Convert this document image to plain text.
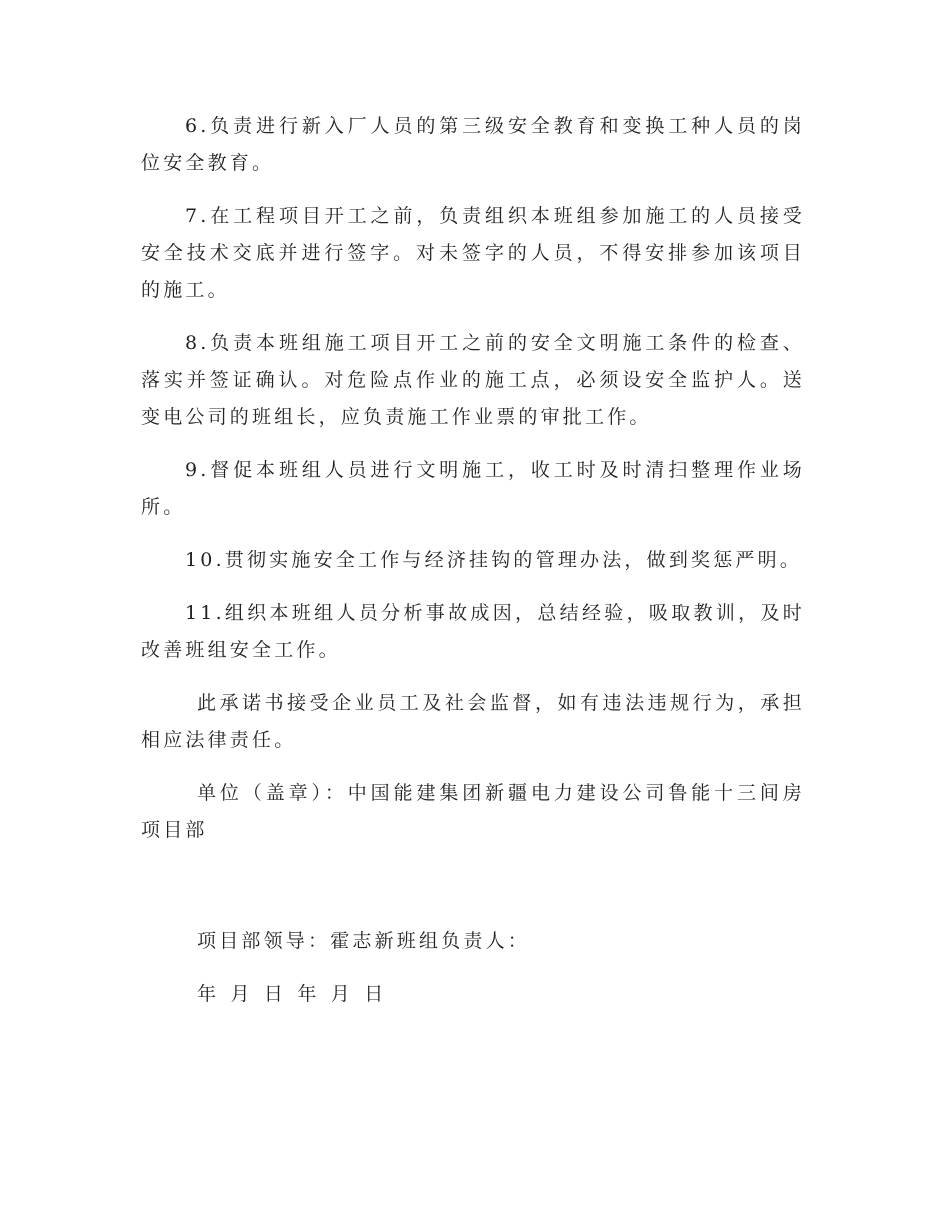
6.负责进行新入厂人员的第三级安全教育和变换工种人员的岗位安全教育。

7.在工程项目开工之前，负责组织本班组参加施工的人员接受安全技术交底并进行签字。对未签字的人员，不得安排参加该项目的施工。

8.负责本班组施工项目开工之前的安全文明施工条件的检查、落实并签证确认。对危险点作业的施工点，必须设安全监护人。送变电公司的班组长，应负责施工作业票的审批工作。

9.督促本班组人员进行文明施工，收工时及时清扫整理作业场所。

10.贯彻实施安全工作与经济挂钩的管理办法，做到奖惩严明。

11.组织本班组人员分析事故成因，总结经验，吸取教训，及时改善班组安全工作。

此承诺书接受企业员工及社会监督，如有违法违规行为，承担相应法律责任。

单位（盖章）：中国能建集团新疆电力建设公司鲁能十三间房项目部

项目部领导：霍志新班组负责人：

年 月 日 年 月 日
